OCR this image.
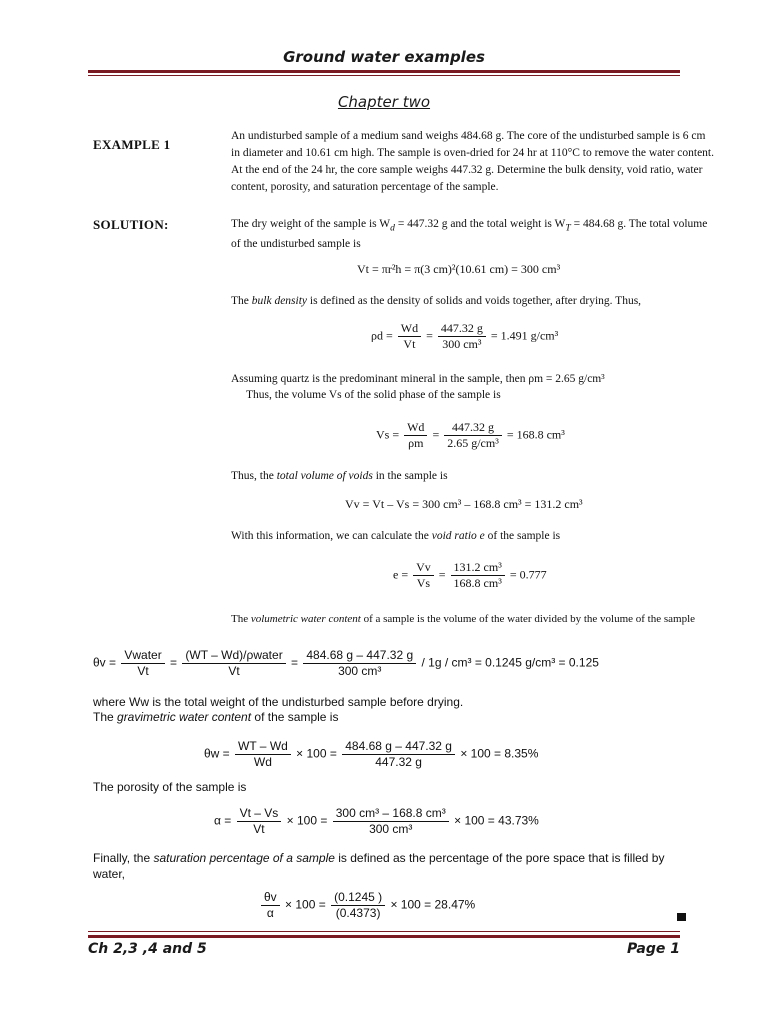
Ground water examples
Chapter two
EXAMPLE 1
An undisturbed sample of a medium sand weighs 484.68 g. The core of the undisturbed sample is 6 cm in diameter and 10.61 cm high. The sample is oven-dried for 24 hr at 110°C to remove the water content. At the end of the 24 hr, the core sample weighs 447.32 g. Determine the bulk density, void ratio, water content, porosity, and saturation percentage of the sample.
SOLUTION:	The dry weight of the sample is $W_d = 447.32$ g and the total weight is $W_T = 484.68$ g. The total volume of the undisturbed sample is
Vt = πr²h = π(3 cm)²(10.61 cm) = 300 cm³
The bulk density is defined as the density of solids and voids together, after drying. Thus,
$\rho d = \frac{Wd}{Vt} = \frac{447.32 g}{\text{300 cm³}} = 1.491$ g/cm³
Assuming quartz is the predominant mineral in the sample, then ρm = 2.65 g/cm³
Thus, the volume Vs of the solid phase of the sample is
$Vs = \frac{Wd}{\rho m} = \frac{447.32 g}{\text{2.65 g/cm³}} = 168.8$ cm³
Thus, the total volume of voids in the sample is
Vv = Vt – Vs = 300 cm³ – 168.8 cm³ = 131.2 cm³
With this information, we can calculate the void ratio e of the sample is
$e = \frac{Vv}{Vs} = \frac{\text{131.2 cm³}}{\text{168.8 cm³}} = 0.777$
The volumetric water content of a sample is the volume of the water divided by the volume of the sample
$\theta v = \frac{\text{Vwater}}{Vt} = \frac{\text{(WT – Wd)/ρwater}}{Vt} = \frac{484.68 g - 447.32 g}{\text{300 cm³}} / 1g / cm^3 = 0.1245$ g/cm³ = 0.125
where Ww is the total weight of the undisturbed sample before drying.
The gravimetric water content of the sample is
$\theta w = \frac{WT - Wd}{Wd} \times 100 = \frac{484.68 g - 447.32 g}{447.32 g} \times 100 = 8.35\%$
The porosity of the sample is
$\alpha = \frac{Vt - Vs}{Vt} \times 100 = \frac{\text{300 cm³ – 168.8 cm³}}{\text{300 cm³}} \times 100 = 43.73\%$
Finally, the saturation percentage of a sample is defined as the percentage of the pore space that is filled by water,
$\frac{\theta v}{\alpha} \times 100 = \frac{(0.1245 )}{(0.4373)} \times 100 = 28.47\%$
Ch 2,3 ,4 and 5	Page 1
